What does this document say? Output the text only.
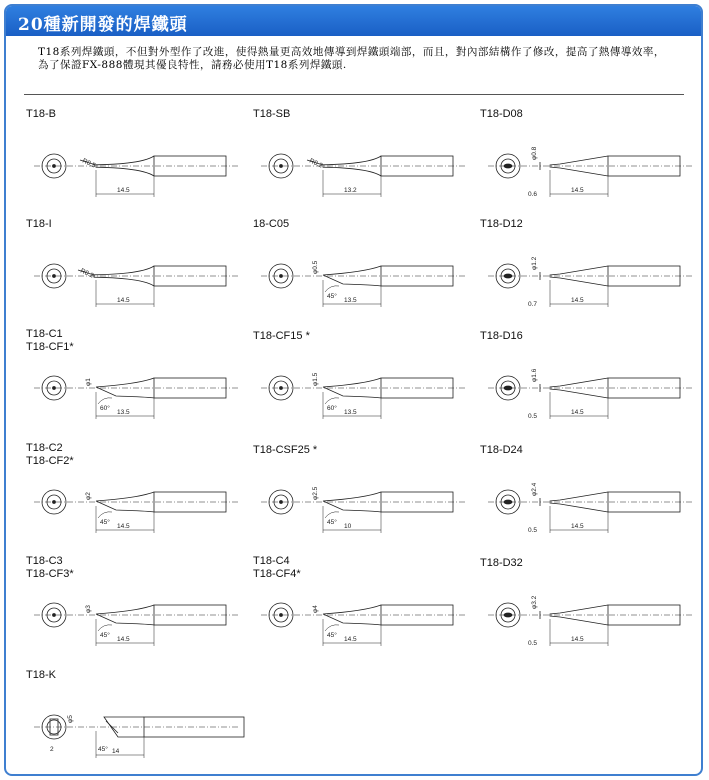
20種新開發的焊鐵頭
T18系列焊鐵頭，不但對外型作了改進，使得熱量更高效地傳導到焊鐵頭端部，而且，對內部結構作了修改，提高了熱傳導效率，為了保證FX-888體現其優良特性，請務必使用T18系列焊鐵頭.
T18-B
R0.5
14.5
T18-SB
R0.2
13.2
T18-D08
φ0.8
0.6
14.5
T18-I
R0.2
14.5
18-C05
φ0.5
45°
13.5
T18-D12
φ1.2
0.7
14.5
T18-C1
T18-CF1*
φ1
60°
13.5
T18-CF15 *
φ1.5
60°
13.5
T18-D16
φ1.6
0.5
14.5
T18-C2
T18-CF2*
φ2
45°
14.5
T18-CSF25 *
φ2.5
45°
10
T18-D24
φ2.4
0.5
14.5
T18-C3
T18-CF3*
φ3
45°
14.5
T18-C4
T18-CF4*
φ4
45°
14.5
T18-D32
φ3.2
0.5
14.5
T18-K
φ5
2	45° 14
